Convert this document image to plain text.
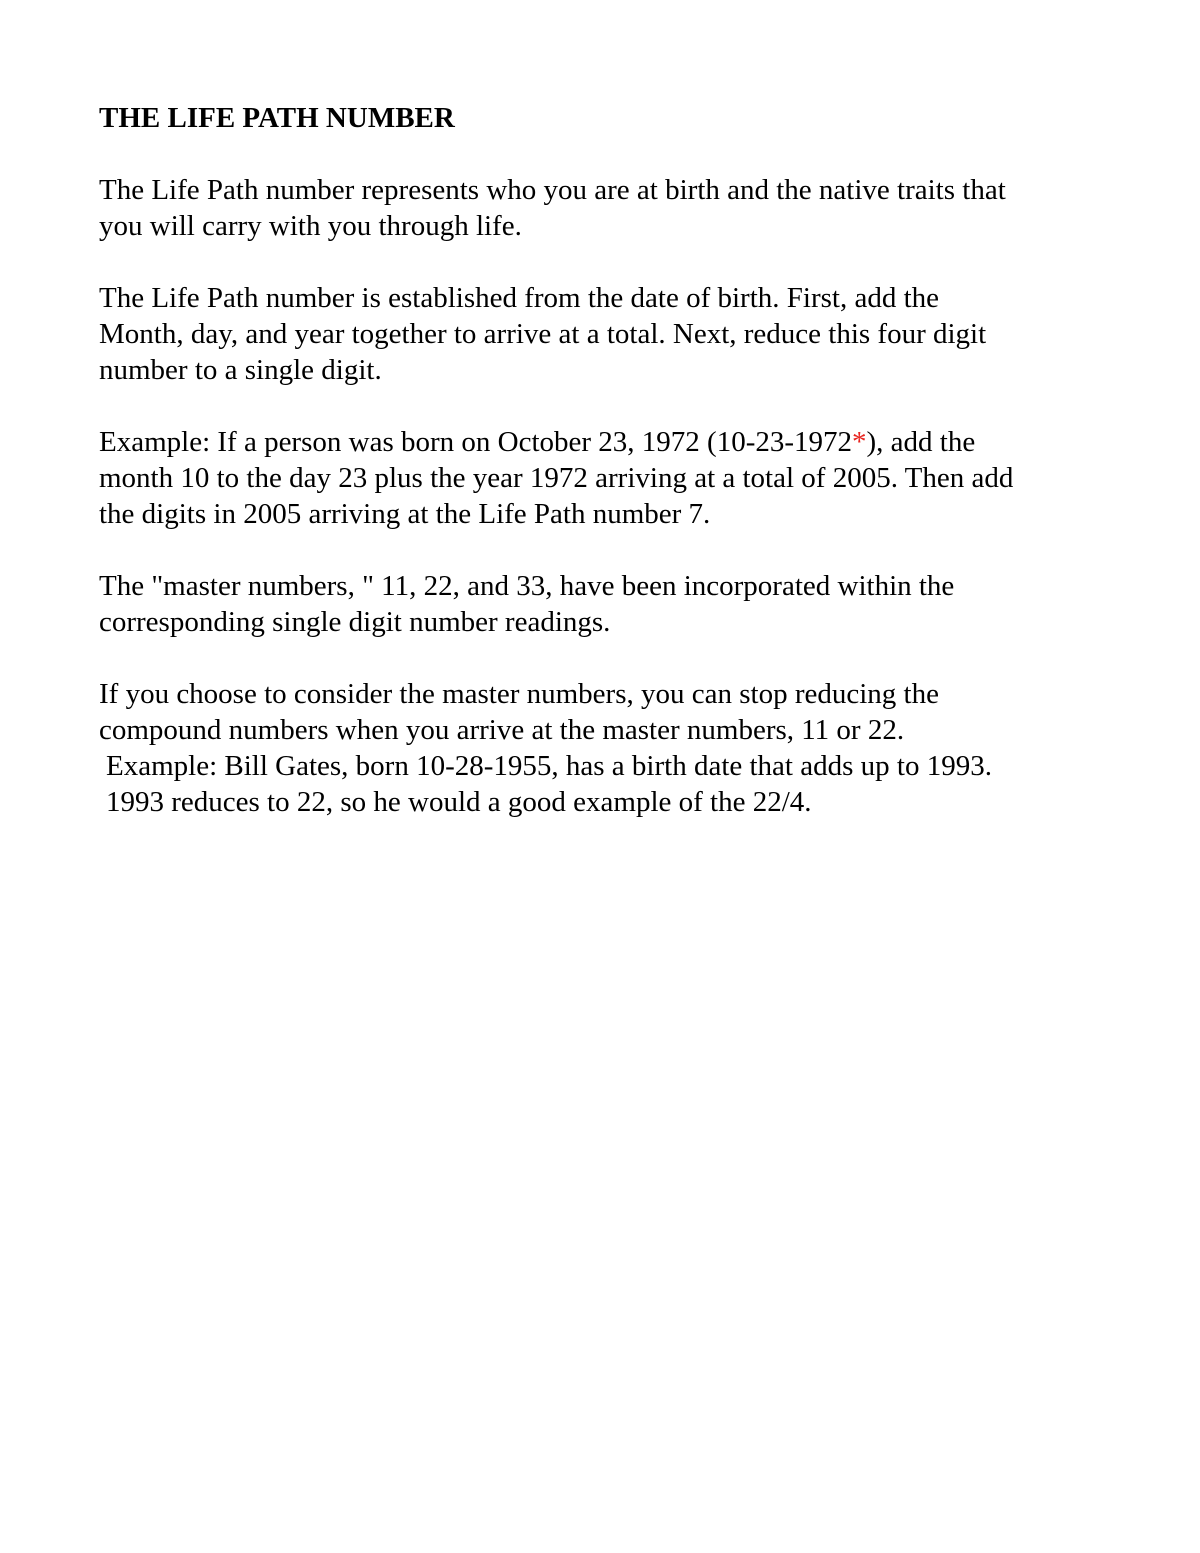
THE LIFE PATH NUMBER
The Life Path number represents who you are at birth and the native traits that
you will carry with you through life.
The Life Path number is established from the date of birth. First, add the
Month, day, and year together to arrive at a total. Next, reduce this four digit
number to a single digit.
Example: If a person was born on October 23, 1972 (10-23-1972*), add the
month 10 to the day 23 plus the year 1972 arriving at a total of 2005. Then add
the digits in 2005 arriving at the Life Path number 7.
The "master numbers, " 11, 22, and 33, have been incorporated within the
corresponding single digit number readings.
If you choose to consider the master numbers, you can stop reducing the
compound numbers when you arrive at the master numbers, 11 or 22.
Example: Bill Gates, born 10-28-1955, has a birth date that adds up to 1993.
1993 reduces to 22, so he would a good example of the 22/4.
